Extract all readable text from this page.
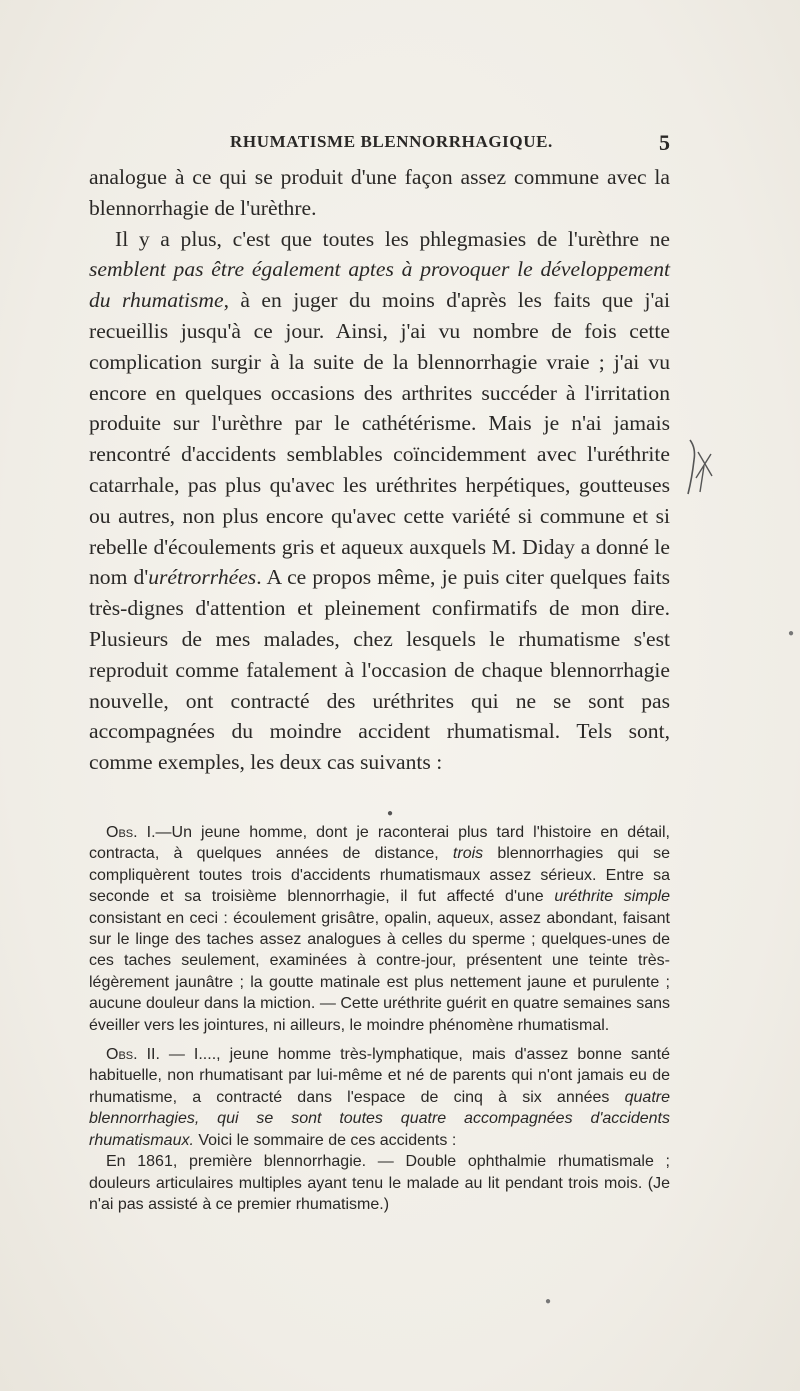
RHUMATISME BLENNORRHAGIQUE.	5

analogue à ce qui se produit d'une façon assez commune avec la blennorrhagie de l'urèthre.

Il y a plus, c'est que toutes les phlegmasies de l'urèthre ne semblent pas être également aptes à provoquer le développement du rhumatisme, à en juger du moins d'après les faits que j'ai recueillis jusqu'à ce jour. Ainsi, j'ai vu nombre de fois cette complication surgir à la suite de la blennorrhagie vraie ; j'ai vu encore en quelques occasions des arthrites succéder à l'irritation produite sur l'urèthre par le cathétérisme. Mais je n'ai jamais rencontré d'accidents semblables coïncidemment avec l'uréthrite catarrhale, pas plus qu'avec les uréthrites herpétiques, goutteuses ou autres, non plus encore qu'avec cette variété si commune et si rebelle d'écoulements gris et aqueux auxquels M. Diday a donné le nom d'urétrorrhées. A ce propos même, je puis citer quelques faits très-dignes d'attention et pleinement confirmatifs de mon dire. Plusieurs de mes malades, chez lesquels le rhumatisme s'est reproduit comme fatalement à l'occasion de chaque blennorrhagie nouvelle, ont contracté des uréthrites qui ne se sont pas accompagnées du moindre accident rhumatismal. Tels sont, comme exemples, les deux cas suivants :

●

Obs. I.—Un jeune homme, dont je raconterai plus tard l'histoire en détail, contracta, à quelques années de distance, trois blennorrhagies qui se compliquèrent toutes trois d'accidents rhumatismaux assez sérieux. Entre sa seconde et sa troisième blennorrhagie, il fut affecté d'une uréthrite simple consistant en ceci : écoulement grisâtre, opalin, aqueux, assez abondant, faisant sur le linge des taches assez analogues à celles du sperme ; quelques-unes de ces taches seulement, examinées à contre-jour, présentent une teinte très-légèrement jaunâtre ; la goutte matinale est plus nettement jaune et purulente ; aucune douleur dans la miction. — Cette uréthrite guérit en quatre semaines sans éveiller vers les jointures, ni ailleurs, le moindre phénomène rhumatismal.

Obs. II. — I...., jeune homme très-lymphatique, mais d'assez bonne santé habituelle, non rhumatisant par lui-même et né de parents qui n'ont jamais eu de rhumatisme, a contracté dans l'espace de cinq à six années quatre blennorrhagies, qui se sont toutes quatre accompagnées d'accidents rhumatismaux. Voici le sommaire de ces accidents :

En 1861, première blennorrhagie. — Double ophthalmie rhumatismale ; douleurs articulaires multiples ayant tenu le malade au lit pendant trois mois. (Je n'ai pas assisté à ce premier rhumatisme.)

●
●
